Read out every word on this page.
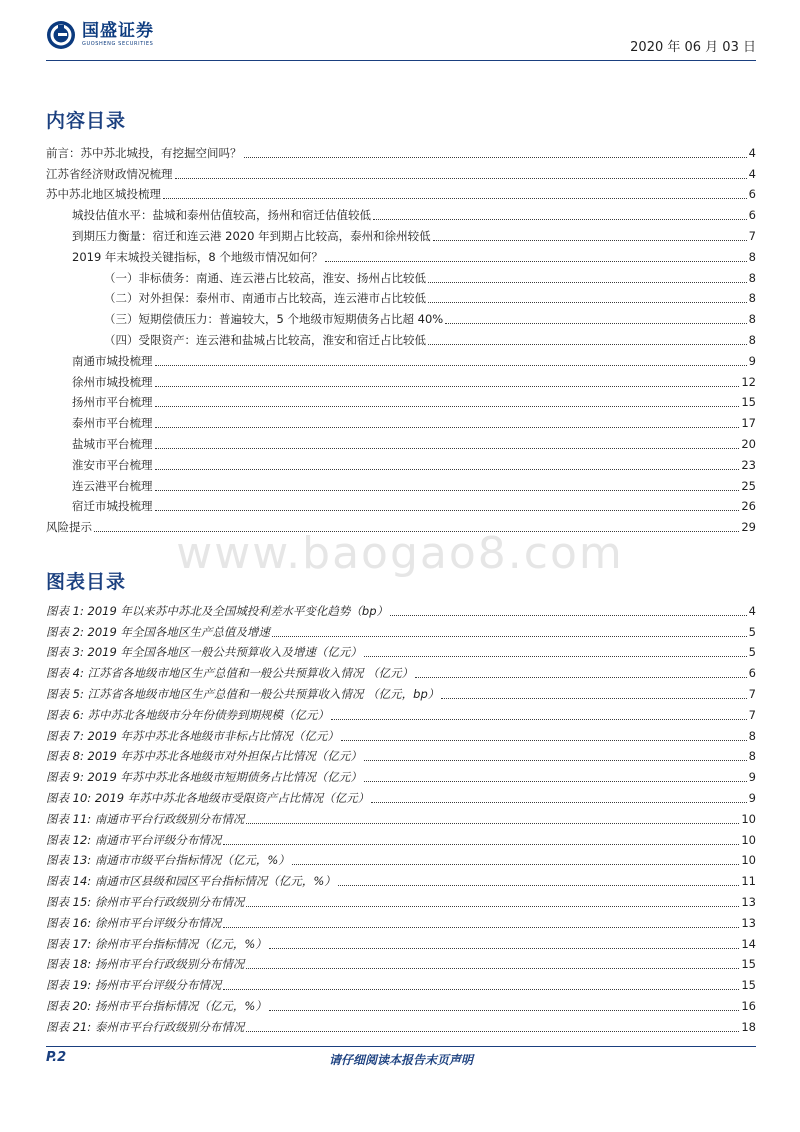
国盛证券
GUOSHENG SECURITIES	2020 年 06 月 03 日
内容目录
前言：苏中苏北城投，有挖掘空间吗？	4
江苏省经济财政情况梳理	4
苏中苏北地区城投梳理	6
城投估值水平：盐城和泰州估值较高，扬州和宿迁估值较低	6
到期压力衡量：宿迁和连云港 2020 年到期占比较高，泰州和徐州较低	7
2019 年末城投关键指标，8 个地级市情况如何？	8
（一）非标债务：南通、连云港占比较高，淮安、扬州占比较低	8
（二）对外担保：泰州市、南通市占比较高，连云港市占比较低	8
（三）短期偿债压力：普遍较大，5 个地级市短期债务占比超 40%	8
（四）受限资产：连云港和盐城占比较高，淮安和宿迁占比较低	8
南通市城投梳理	9
徐州市城投梳理	12
扬州市平台梳理	15
泰州市平台梳理	17
盐城市平台梳理	20
淮安市平台梳理	23
连云港平台梳理	25
宿迁市城投梳理	26
风险提示	29
www.baogao8.com
图表目录
图表 1: 2019 年以来苏中苏北及全国城投利差水平变化趋势（bp）	4
图表 2: 2019 年全国各地区生产总值及增速	5
图表 3: 2019 年全国各地区一般公共预算收入及增速（亿元）	5
图表 4: 江苏省各地级市地区生产总值和一般公共预算收入情况 （亿元）	6
图表 5: 江苏省各地级市地区生产总值和一般公共预算收入情况 （亿元，bp）	7
图表 6: 苏中苏北各地级市分年份债券到期规模（亿元）	7
图表 7: 2019 年苏中苏北各地级市非标占比情况（亿元）	8
图表 8: 2019 年苏中苏北各地级市对外担保占比情况（亿元）	8
图表 9: 2019 年苏中苏北各地级市短期债务占比情况（亿元）	9
图表 10: 2019 年苏中苏北各地级市受限资产占比情况（亿元）	9
图表 11: 南通市平台行政级别分布情况	10
图表 12: 南通市平台评级分布情况	10
图表 13: 南通市市级平台指标情况（亿元，%）	10
图表 14: 南通市区县级和园区平台指标情况（亿元，%）	11
图表 15: 徐州市平台行政级别分布情况	13
图表 16: 徐州市平台评级分布情况	13
图表 17: 徐州市平台指标情况（亿元，%）	14
图表 18: 扬州市平台行政级别分布情况	15
图表 19: 扬州市平台评级分布情况	15
图表 20: 扬州市平台指标情况（亿元，%）	16
图表 21: 泰州市平台行政级别分布情况	18
P.2	请仔细阅读本报告末页声明
